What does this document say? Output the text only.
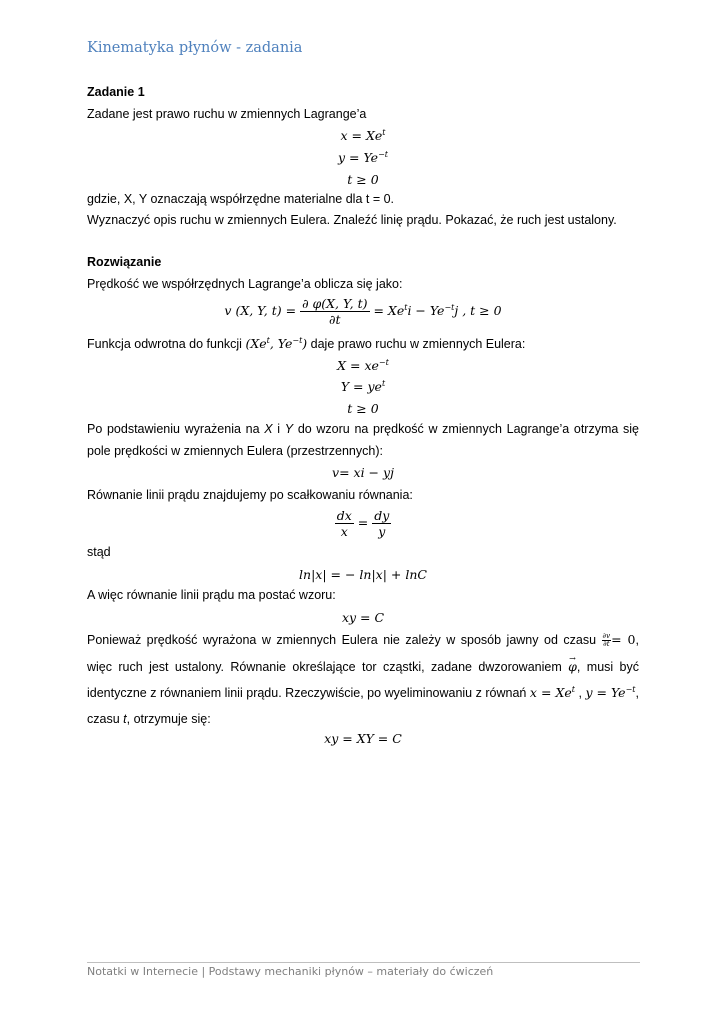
Kinematyka płynów - zadania
Zadanie 1
Zadane jest prawo ruchu w zmiennych Lagrange’a
$x = Xe^t$
$y = Ye^{-t}$
t ≥ 0
gdzie, X, Y oznaczają współrzędne materialne dla t = 0.
Wyznaczyć opis ruchu w zmiennych Eulera. Znaleźć linię prądu. Pokazać, że ruch jest ustalony.
Rozwiązanie
Prędkość we współrzędnych Lagrange’a oblicza się jako:
v (X, Y, $t) = \frac{\partial \varphi(X, Y, t)}{\partial t} = Xe^ti - Ye^{-t}j$ , t ≥ 0
Funkcja odwrotna do funkcji (Xe$^t$, $Ye^{-t}$) daje prawo ruchu w zmiennych Eulera:
$X = xe^{-t}$
$Y = ye^t$
t ≥ 0
Po podstawieniu wyrażenia na X i Y do wzoru na prędkość w zmiennych Lagrange’a otrzyma się pole prędkości w zmiennych Eulera (przestrzennych):
v= xi − yj
Równanie linii prądu znajdujemy po scałkowaniu równania:
$\frac{dx}{x} = \frac{dy}{y}$
stąd
ln|x| = − ln|x| + lnC
A więc równanie linii prądu ma postać wzoru:
xy = C
Ponieważ prędkość wyrażona w zmiennych Eulera nie zależy w sposób jawny od czasu $\frac{\partial v}{\partial t} = 0$, więc ruch jest ustalony. Równanie określające tor cząstki, zadane dwzorowaniem → φ, musi być identyczne z równaniem linii prądu. Rzeczywiście, po wyeliminowaniu z równań $x = Xe^t$ , $y = Ye^{-t}$, czasu t, otrzymuje się:
xy = XY = C
Notatki w Internecie | Podstawy mechaniki płynów – materiały do ćwiczeń
